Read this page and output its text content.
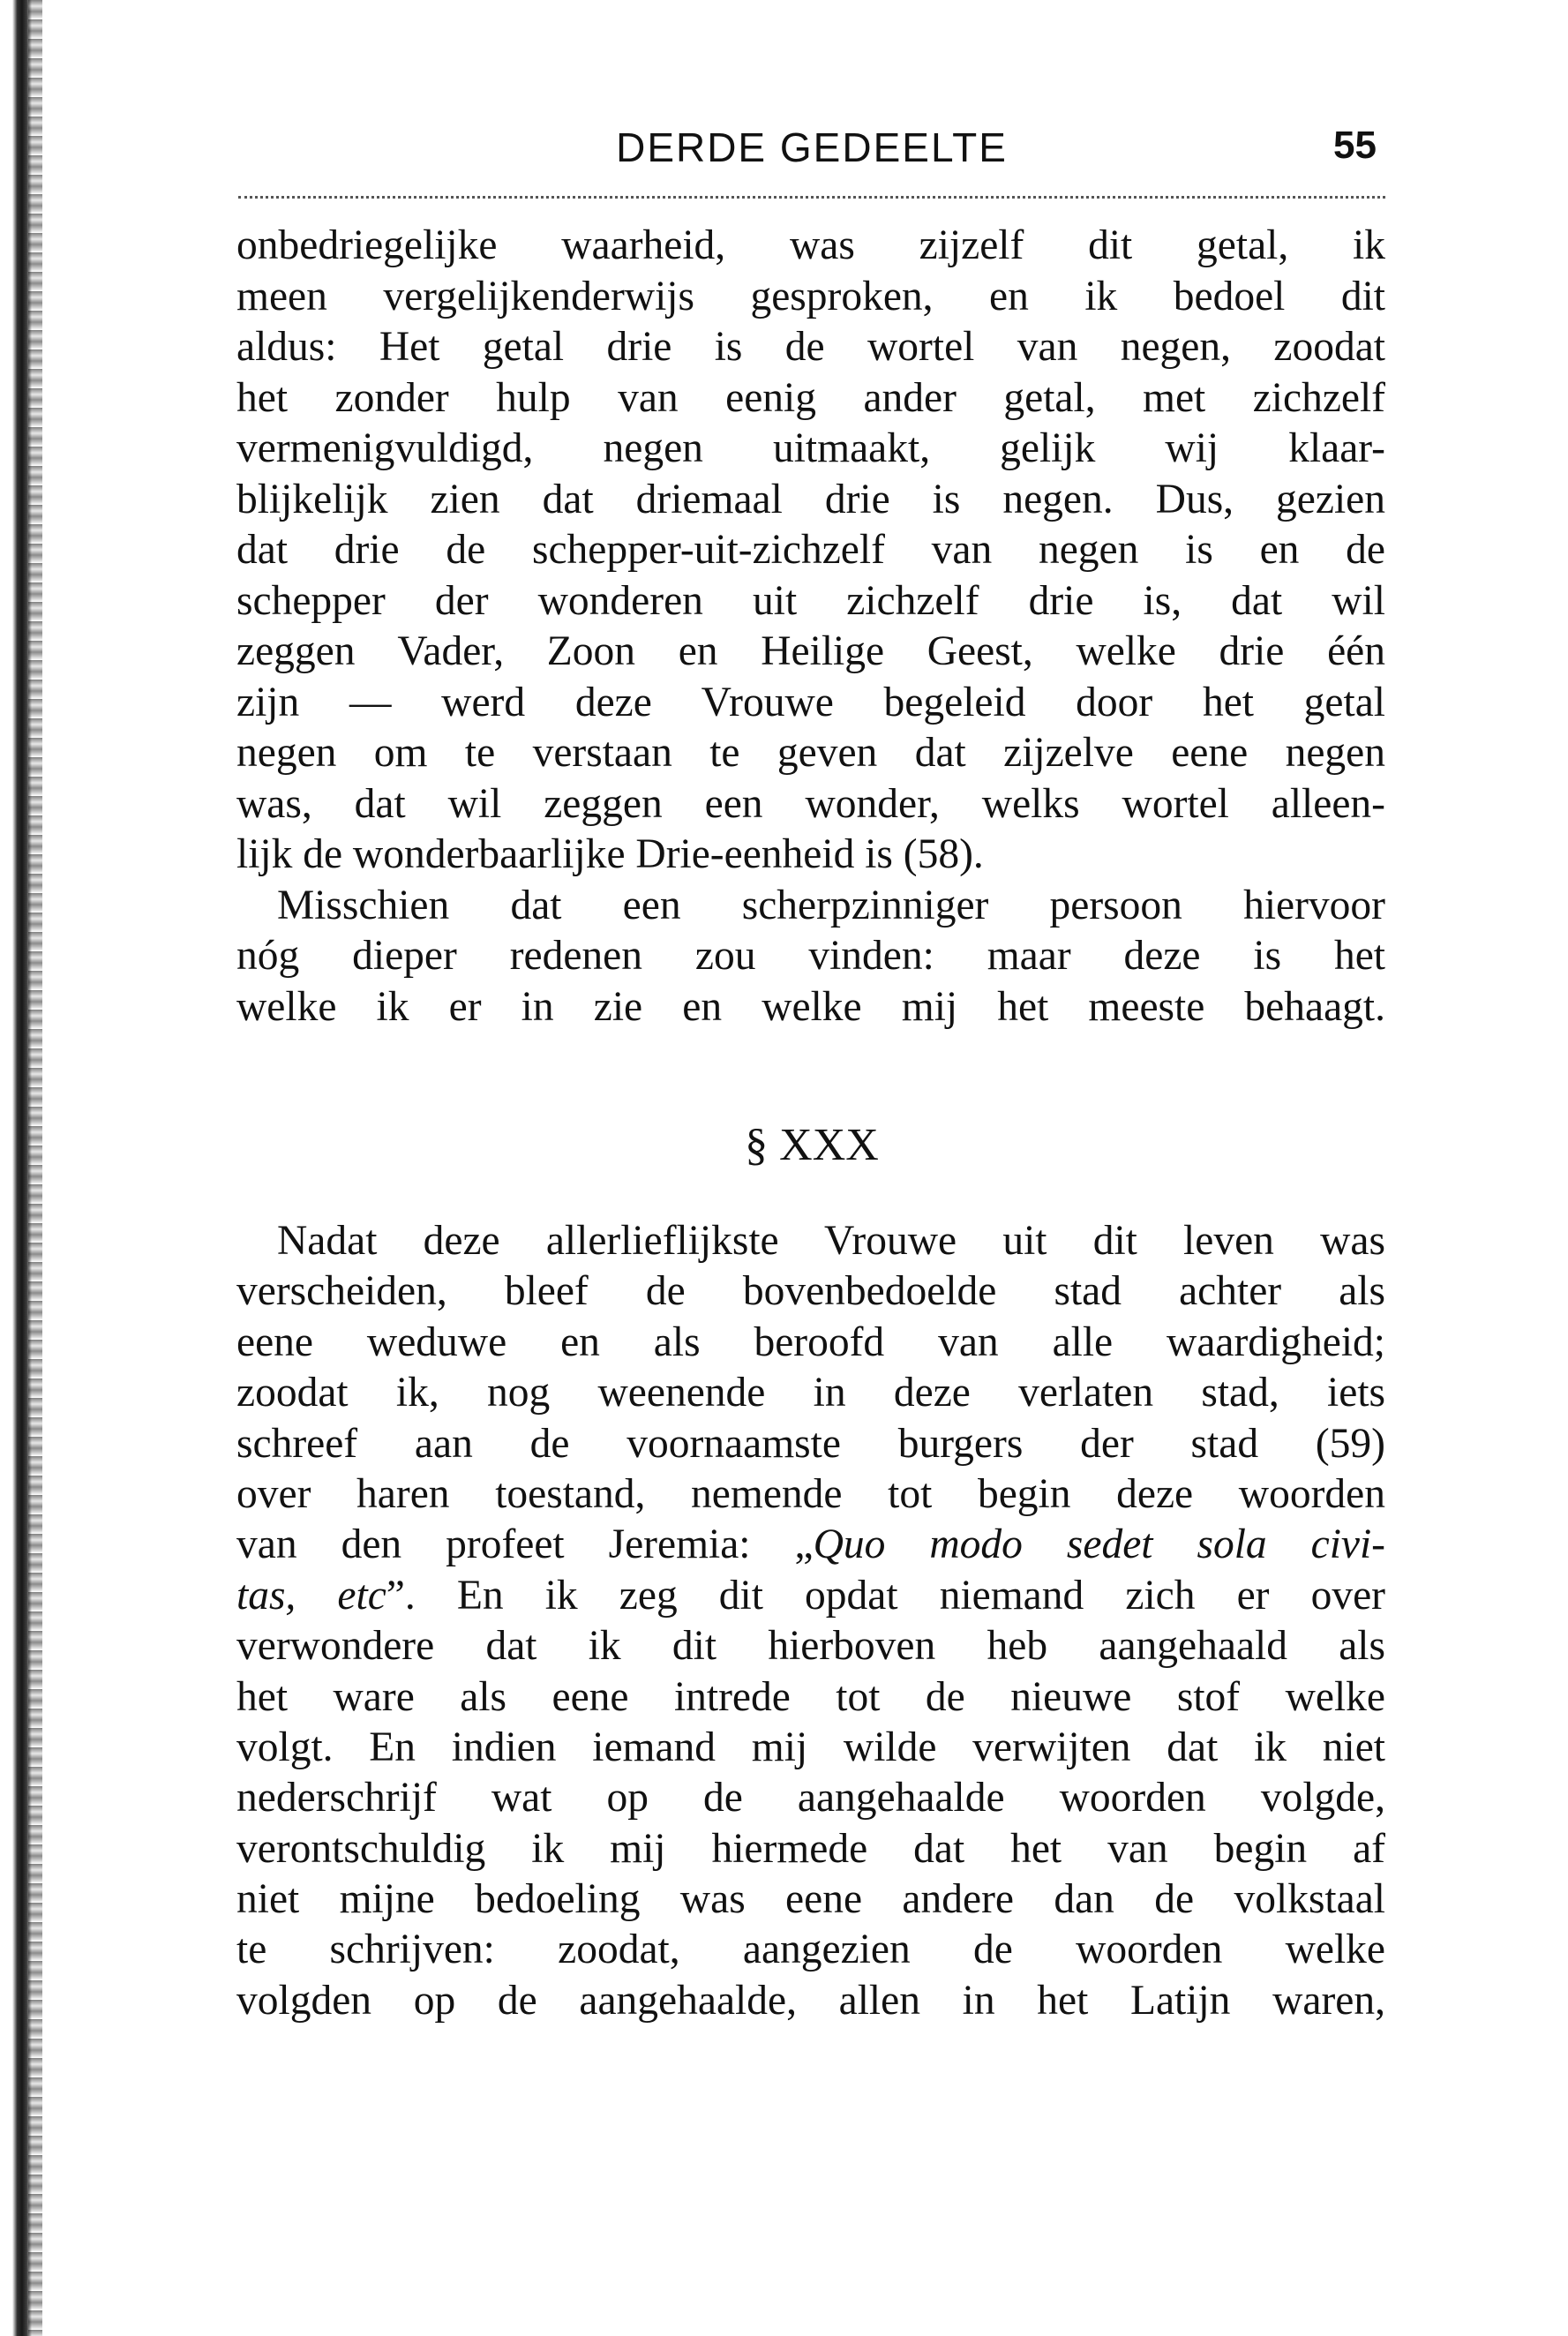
DERDE GEDEELTE	55
onbedriegelijke waarheid, was zijzelf dit getal, ik
meen vergelijkenderwijs gesproken, en ik bedoel dit
aldus: Het getal drie is de wortel van negen, zoodat
het zonder hulp van eenig ander getal, met zichzelf
vermenigvuldigd, negen uitmaakt, gelijk wij klaar-
blijkelijk zien dat driemaal drie is negen. Dus, gezien
dat drie de schepper-uit-zichzelf van negen is en de
schepper der wonderen uit zichzelf drie is, dat wil
zeggen Vader, Zoon en Heilige Geest, welke drie één
zijn — werd deze Vrouwe begeleid door het getal
negen om te verstaan te geven dat zijzelve eene negen
was, dat wil zeggen een wonder, welks wortel alleen-
lijk de wonderbaarlijke Drie-eenheid is (58).
Misschien dat een scherpzinniger persoon hiervoor
nóg dieper redenen zou vinden: maar deze is het
welke ik er in zie en welke mij het meeste behaagt.
§ XXX
Nadat deze allerlieflijkste Vrouwe uit dit leven was
verscheiden, bleef de bovenbedoelde stad achter als
eene weduwe en als beroofd van alle waardigheid;
zoodat ik, nog weenende in deze verlaten stad, iets
schreef aan de voornaamste burgers der stad (59)
over haren toestand, nemende tot begin deze woorden
van den profeet Jeremia: „Quo modo sedet sola civi-
tas, etc”. En ik zeg dit opdat niemand zich er over
verwondere dat ik dit hierboven heb aangehaald als
het ware als eene intrede tot de nieuwe stof welke
volgt. En indien iemand mij wilde verwijten dat ik niet
nederschrijf wat op de aangehaalde woorden volgde,
verontschuldig ik mij hiermede dat het van begin af
niet mijne bedoeling was eene andere dan de volkstaal
te schrijven: zoodat, aangezien de woorden welke
volgden op de aangehaalde, allen in het Latijn waren,
